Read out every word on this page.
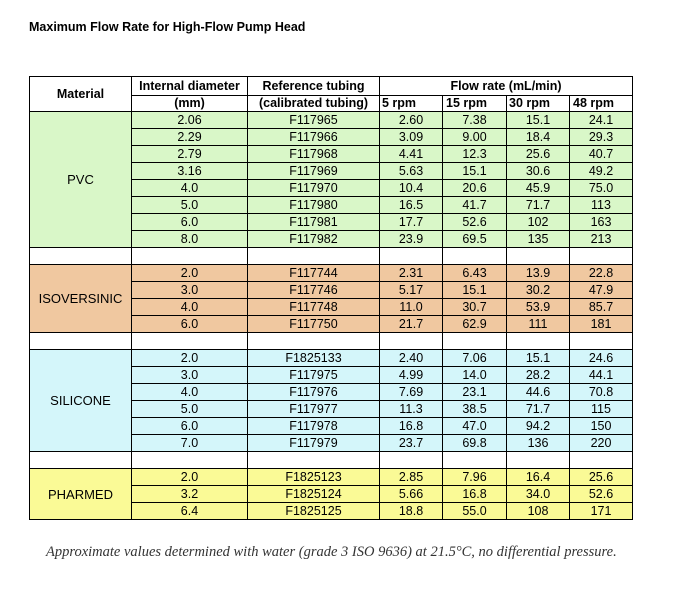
Maximum Flow Rate for High-Flow Pump Head
Material	Internal diameter	Reference tubing	Flow rate (mL/min)			
	(mm)	(calibrated tubing)	5 rpm	15 rpm	30 rpm	48 rpm
PVC	2.06	F117965	2.60	7.38	15.1	24.1
	2.29	F117966	3.09	9.00	18.4	29.3
	2.79	F117968	4.41	12.3	25.6	40.7
	3.16	F117969	5.63	15.1	30.6	49.2
	4.0	F117970	10.4	20.6	45.9	75.0
	5.0	F117980	16.5	41.7	71.7	113
	6.0	F117981	17.7	52.6	102	163
	8.0	F117982	23.9	69.5	135	213

ISOVERSINIC	2.0	F117744	2.31	6.43	13.9	22.8
	3.0	F117746	5.17	15.1	30.2	47.9
	4.0	F117748	11.0	30.7	53.9	85.7
	6.0	F117750	21.7	62.9	111	181

SILICONE	2.0	F1825133	2.40	7.06	15.1	24.6
	3.0	F117975	4.99	14.0	28.2	44.1
	4.0	F117976	7.69	23.1	44.6	70.8
	5.0	F117977	11.3	38.5	71.7	115
	6.0	F117978	16.8	47.0	94.2	150
	7.0	F117979	23.7	69.8	136	220

PHARMED	2.0	F1825123	2.85	7.96	16.4	25.6
	3.2	F1825124	5.66	16.8	34.0	52.6
	6.4	F1825125	18.8	55.0	108	171
Approximate values determined with water (grade 3 ISO 9636) at 21.5°C, no differential pressure.
